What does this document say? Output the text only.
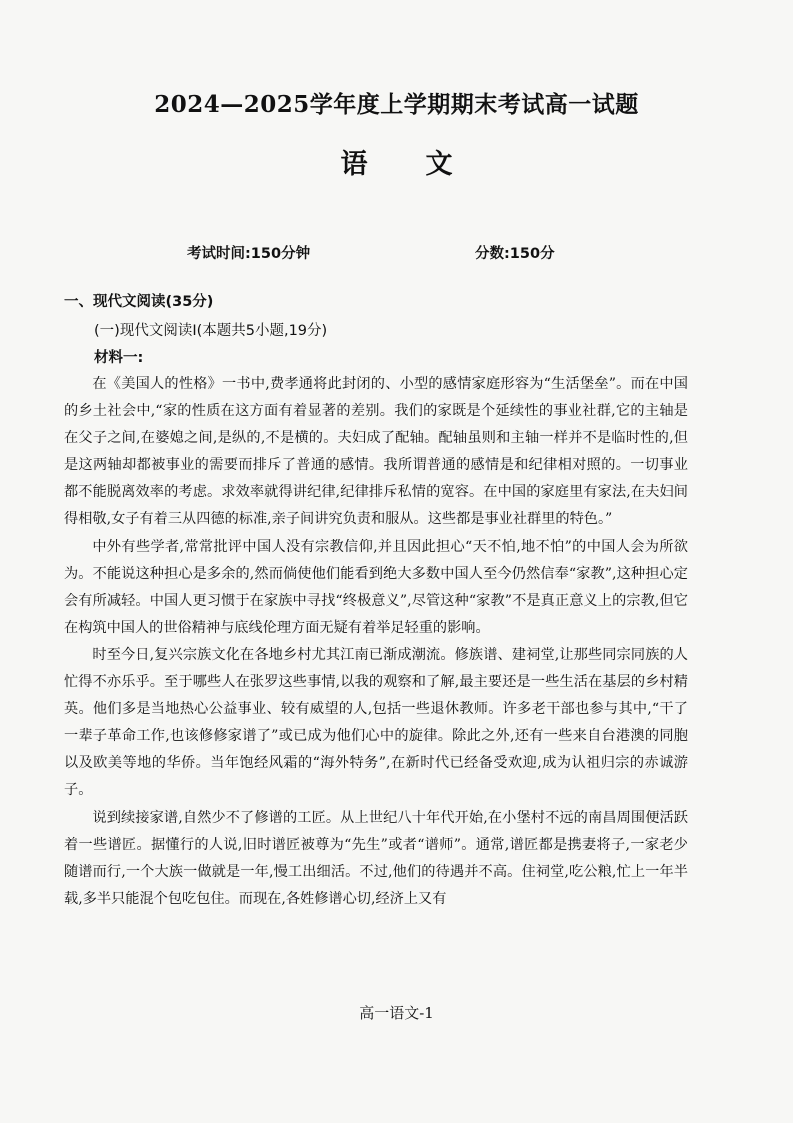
2024—2025学年度上学期期末考试高一试题
语文
考试时间:150分钟	分数:150分
一、现代文阅读(35分)
(一)现代文阅读Ⅰ(本题共5小题,19分)
材料一:

在《美国人的性格》一书中,费孝通将此封闭的、小型的感情家庭形容为“生活堡垒”。而在中国的乡土社会中,“家的性质在这方面有着显著的差别。我们的家既是个延续性的事业社群,它的主轴是在父子之间,在婆媳之间,是纵的,不是横的。夫妇成了配轴。配轴虽则和主轴一样并不是临时性的,但是这两轴却都被事业的需要而排斥了普通的感情。我所谓普通的感情是和纪律相对照的。一切事业都不能脱离效率的考虑。求效率就得讲纪律,纪律排斥私情的宽容。在中国的家庭里有家法,在夫妇间得相敬,女子有着三从四德的标准,亲子间讲究负责和服从。这些都是事业社群里的特色。”

中外有些学者,常常批评中国人没有宗教信仰,并且因此担心“天不怕,地不怕”的中国人会为所欲为。不能说这种担心是多余的,然而倘使他们能看到绝大多数中国人至今仍然信奉“家教”,这种担心定会有所减轻。中国人更习惯于在家族中寻找“终极意义”,尽管这种“家教”不是真正意义上的宗教,但它在构筑中国人的世俗精神与底线伦理方面无疑有着举足轻重的影响。

时至今日,复兴宗族文化在各地乡村尤其江南已渐成潮流。修族谱、建祠堂,让那些同宗同族的人忙得不亦乐乎。至于哪些人在张罗这些事情,以我的观察和了解,最主要还是一些生活在基层的乡村精英。他们多是当地热心公益事业、较有威望的人,包括一些退休教师。许多老干部也参与其中,“干了一辈子革命工作,也该修修家谱了”或已成为他们心中的旋律。除此之外,还有一些来自台港澳的同胞以及欧美等地的华侨。当年饱经风霜的“海外特务”,在新时代已经备受欢迎,成为认祖归宗的赤诚游子。

说到续接家谱,自然少不了修谱的工匠。从上世纪八十年代开始,在小堡村不远的南昌周围便活跃着一些谱匠。据懂行的人说,旧时谱匠被尊为“先生”或者“谱师”。通常,谱匠都是携妻将子,一家老少随谱而行,一个大族一做就是一年,慢工出细活。不过,他们的待遇并不高。住祠堂,吃公粮,忙上一年半载,多半只能混个包吃包住。而现在,各姓修谱心切,经济上又有

高一语文-1
